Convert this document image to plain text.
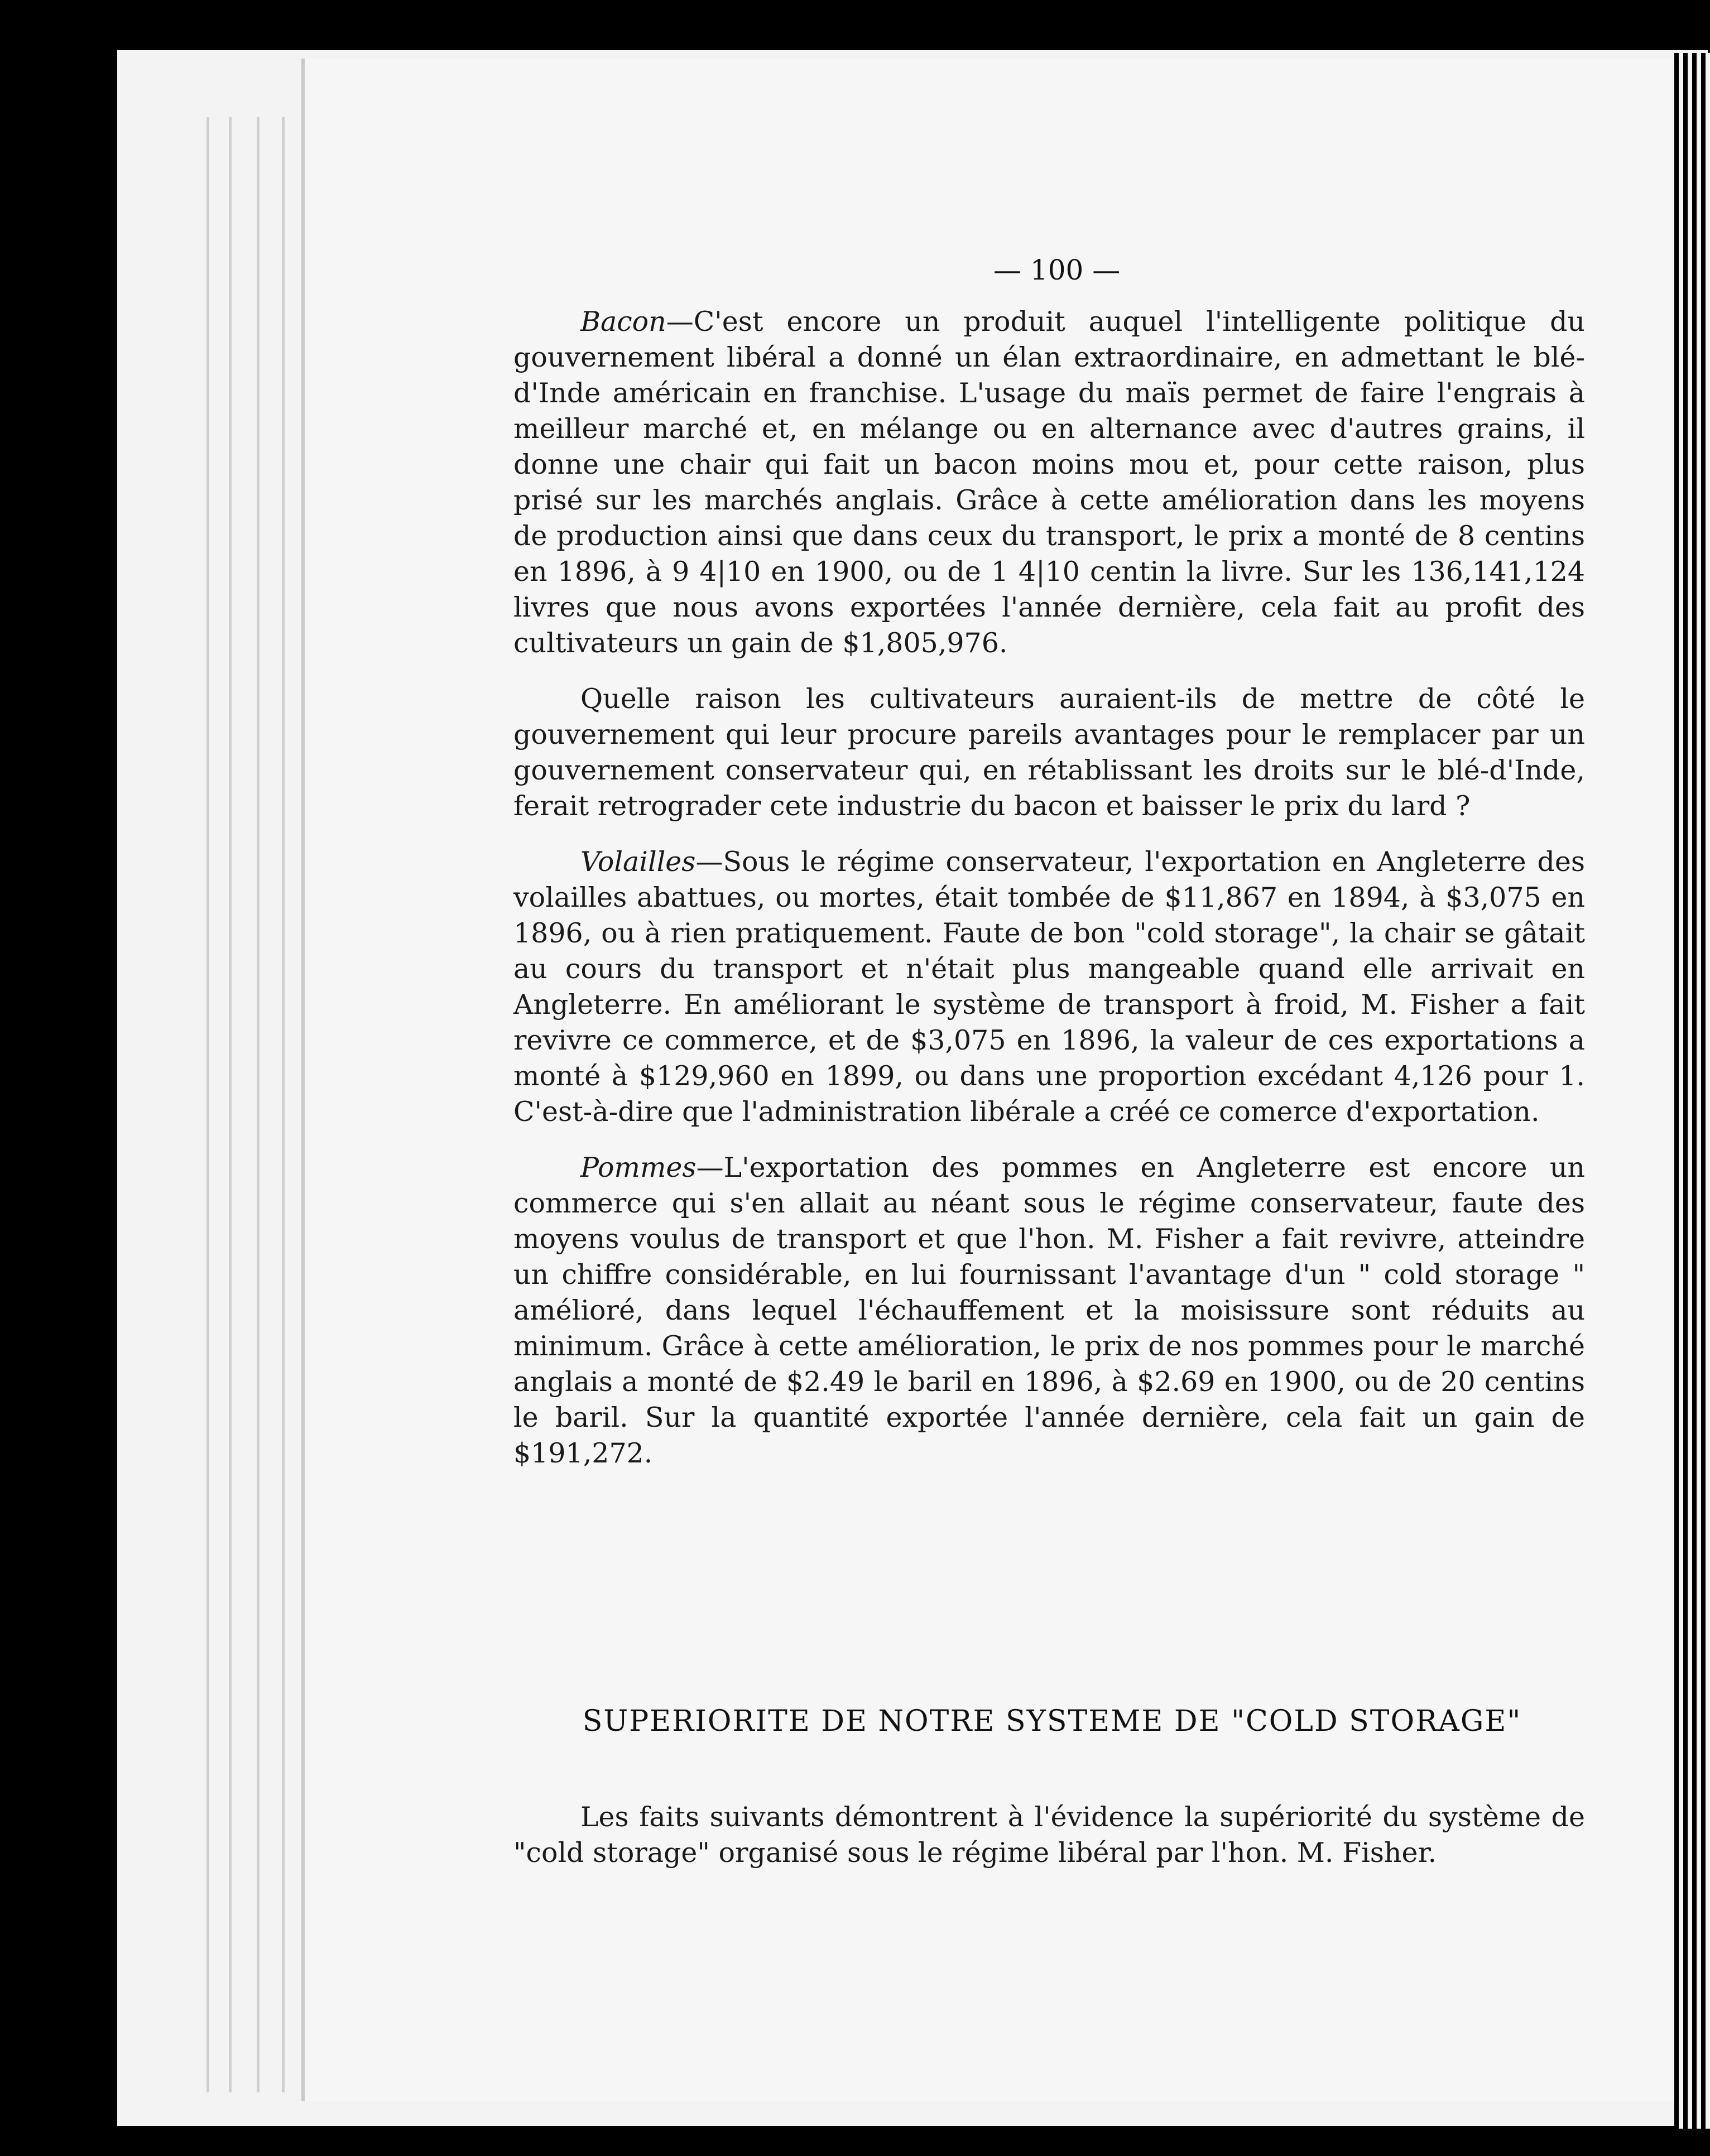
— 100 —

Bacon—C'est encore un produit auquel l'intelligente politique du gouvernement libéral a donné un élan extraordinaire, en admettant le blé-d'Inde américain en franchise. L'usage du maïs permet de faire l'engrais à meilleur marché et, en mélange ou en alternance avec d'autres grains, il donne une chair qui fait un bacon moins mou et, pour cette raison, plus prisé sur les marchés anglais. Grâce à cette amélioration dans les moyens de production ainsi que dans ceux du transport, le prix a monté de 8 centins en 1896, à 9 4|10 en 1900, ou de 1 4|10 centin la livre. Sur les 136,141,124 livres que nous avons exportées l'année dernière, cela fait au profit des cultivateurs un gain de $1,805,976.

Quelle raison les cultivateurs auraient-ils de mettre de côté le gouvernement qui leur procure pareils avantages pour le remplacer par un gouvernement conservateur qui, en rétablissant les droits sur le blé-d'Inde, ferait retrograder cete industrie du bacon et baisser le prix du lard ?

Volailles—Sous le régime conservateur, l'exportation en Angleterre des volailles abattues, ou mortes, était tombée de $11,867 en 1894, à $3,075 en 1896, ou à rien pratiquement. Faute de bon "cold storage", la chair se gâtait au cours du transport et n'était plus mangeable quand elle arrivait en Angleterre. En améliorant le système de transport à froid, M. Fisher a fait revivre ce commerce, et de $3,075 en 1896, la valeur de ces exportations a monté à $129,960 en 1899, ou dans une proportion excédant 4,126 pour 1. C'est-à-dire que l'administration libérale a créé ce comerce d'exportation.

Pommes—L'exportation des pommes en Angleterre est encore un commerce qui s'en allait au néant sous le régime conservateur, faute des moyens voulus de transport et que l'hon. M. Fisher a fait revivre, atteindre un chiffre considérable, en lui fournissant l'avantage d'un " cold storage " amélioré, dans lequel l'échauffement et la moisissure sont réduits au minimum. Grâce à cette amélioration, le prix de nos pommes pour le marché anglais a monté de $2.49 le baril en 1896, à $2.69 en 1900, ou de 20 centins le baril. Sur la quantité exportée l'année dernière, cela fait un gain de $191,272.

SUPERIORITE DE NOTRE SYSTEME DE "COLD STORAGE"

Les faits suivants démontrent à l'évidence la supériorité du système de "cold storage" organisé sous le régime libéral par l'hon. M. Fisher.
